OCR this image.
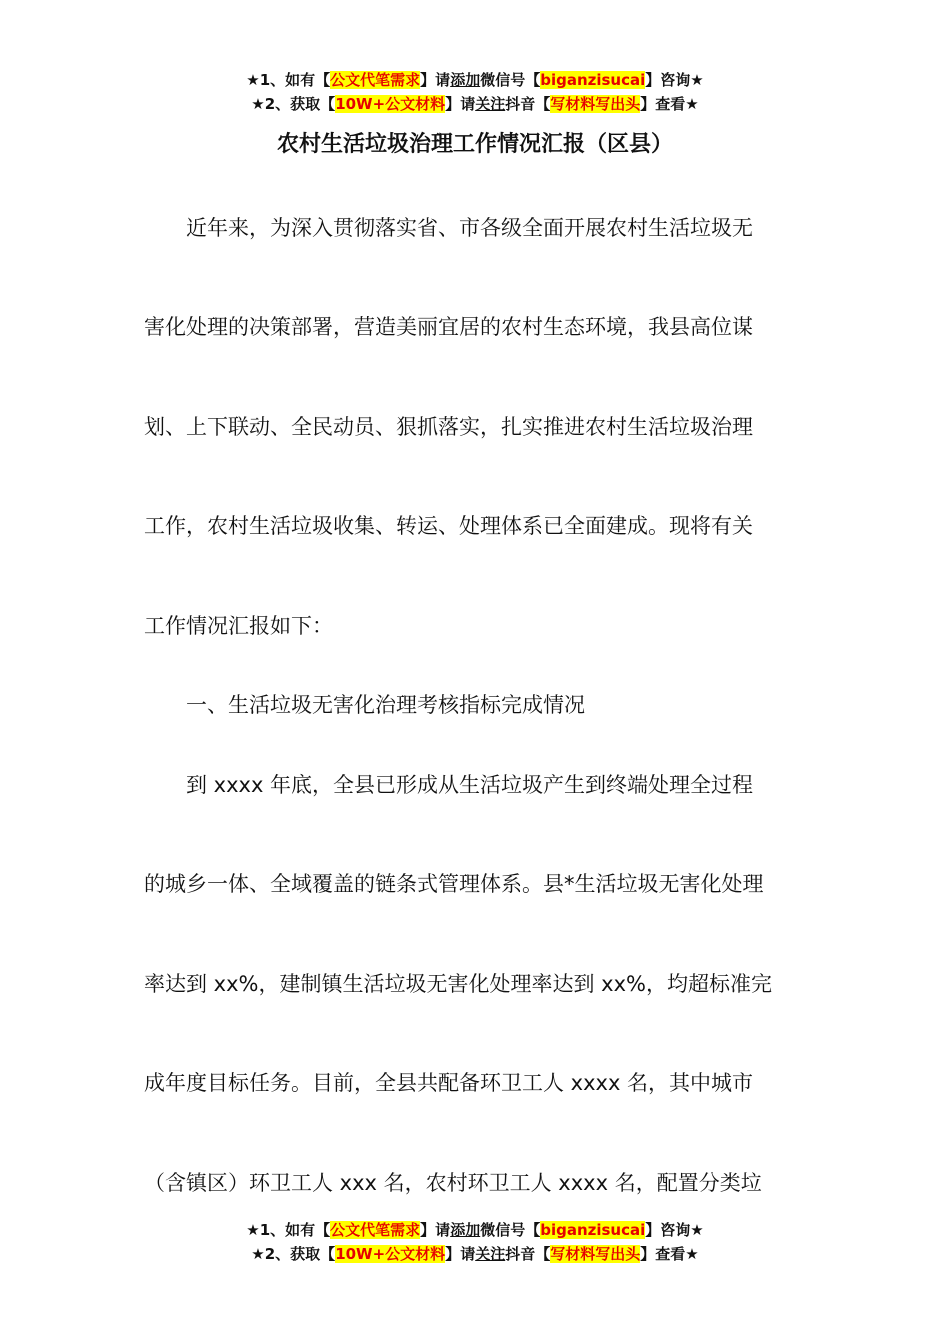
★1、如有【公文代笔需求】请添加微信号【biganzisucai】咨询★
★2、获取【10W+公文材料】请关注抖音【写材料写出头】查看★
农村生活垃圾治理工作情况汇报（区县）
　　近年来，为深入贯彻落实省、市各级全面开展农村生活垃圾无
害化处理的决策部署，营造美丽宜居的农村生态环境，我县高位谋
划、上下联动、全民动员、狠抓落实，扎实推进农村生活垃圾治理
工作，农村生活垃圾收集、转运、处理体系已全面建成。现将有关
工作情况汇报如下：
　　一、生活垃圾无害化治理考核指标完成情况
　　到 xxxx 年底，全县已形成从生活垃圾产生到终端处理全过程
的城乡一体、全域覆盖的链条式管理体系。县*生活垃圾无害化处理
率达到 xx%，建制镇生活垃圾无害化处理率达到 xx%，均超标准完
成年度目标任务。目前，全县共配备环卫工人 xxxx 名，其中城市
（含镇区）环卫工人 xxx 名，农村环卫工人 xxxx 名，配置分类垃
★1、如有【公文代笔需求】请添加微信号【biganzisucai】咨询★
★2、获取【10W+公文材料】请关注抖音【写材料写出头】查看★
